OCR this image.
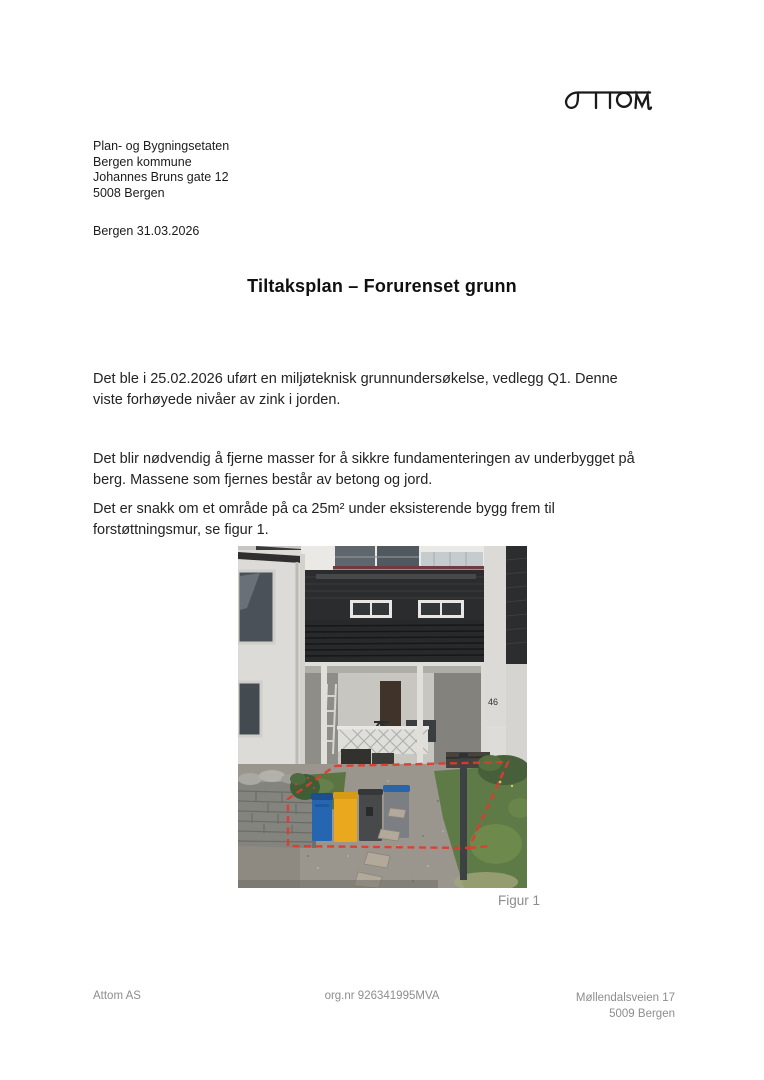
Plan- og Bygningsetaten
Bergen kommune
Johannes Bruns gate 12
5008 Bergen
Bergen 31.03.2026
Tiltaksplan – Forurenset grunn

Det ble i 25.02.2026 uført en miljøteknisk grunnundersøkelse, vedlegg Q1. Denne viste forhøyede nivåer av zink i jorden.

Det blir nødvendig å fjerne masser for å sikkre fundamenteringen av underbygget på berg. Massene som fjernes består av betong og jord.

Det er snakk om et område på ca 25m² under eksisterende bygg frem til forstøttningsmur, se figur 1.

46
Figur 1
Attom AS	org.nr 926341995MVA	Møllendalsveien 17
5009 Bergen
